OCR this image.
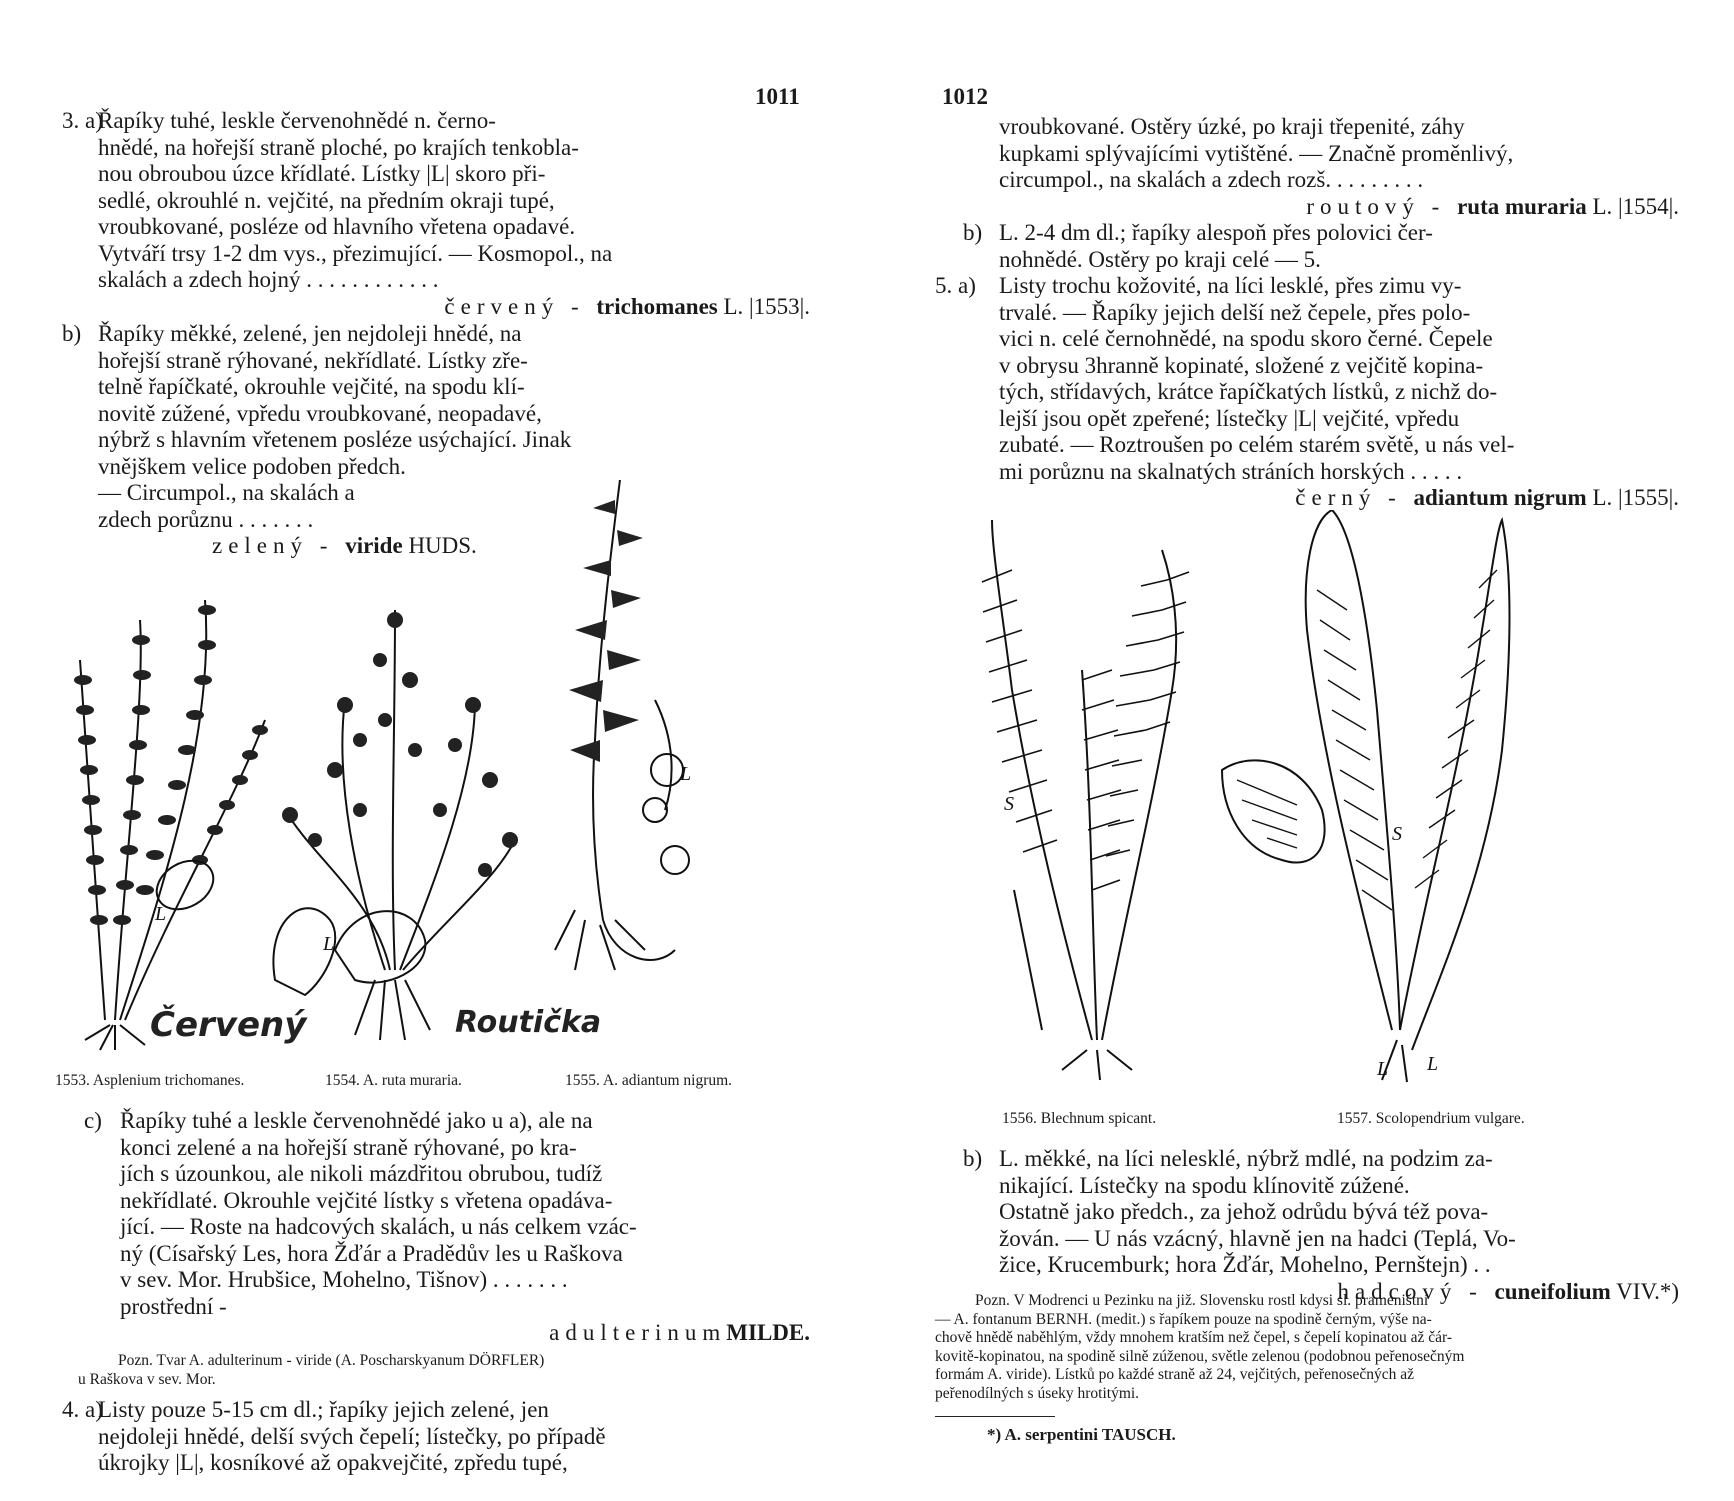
1011
3. a)Řapíky tuhé, leskle červenohnědé n. černo-
hnědé, na hořejší straně ploché, po krajích tenkobla-
nou obroubou úzce křídlaté. Lístky |L| skoro při-
sedlé, okrouhlé n. vejčité, na předním okraji tupé,
vroubkované, posléze od hlavního vřetena opadavé.
Vytváří trsy 1-2 dm vys., přezimující. — Kosmopol., na
skalách a zdech hojný . . . . . . . . . . . .
červený - trichomanes L. |1553|.
b) Řapíky měkké, zelené, jen nejdoleji hnědé, na
hořejší straně rýhované, nekřídlaté. Lístky zře-
telně řapíčkaté, okrouhle vejčité, na spodu klí-
novitě zúžené, vpředu vroubkované, neopadavé,
nýbrž s hlavním vřetenem posléze usýchající. Jinak
vnějškem velice podoben předch.
— Circumpol., na skalách a
zdech porůznu . . . . . . .
zelený - viride HUDS.
L
L
L
Červený	Routička
1553. Asplenium trichomanes.	1554. A. ruta muraria.	1555. A. adiantum nigrum.
c) Řapíky tuhé a leskle červenohnědé jako u a), ale na
konci zelené a na hořejší straně rýhované, po kra-
jích s úzounkou, ale nikoli mázdřitou obrubou, tudíž
nekřídlaté. Okrouhle vejčité lístky s vřetena opadáva-
jící. — Roste na hadcových skalách, u nás celkem vzác-
ný (Císařský Les, hora Žďár a Pradědův les u Raškova
v sev. Mor. Hrubšice, Mohelno, Tišnov) . . . . . . .
prostřední -
adulterinumMILDE.
Pozn. Tvar A. adulterinum - viride (A. Poscharskyanum DÖRFLER)
u Raškova v sev. Mor.
4. a)Listy pouze 5-15 cm dl.; řapíky jejich zelené, jen
nejdoleji hnědé, delší svých čepelí; lístečky, po případě
úkrojky |L|, kosníkové až opakvejčité, zpředu tupé,
1012
vroubkované. Ostěry úzké, po kraji třepenité, záhy
kupkami splývajícími vytištěné. — Značně proměnlivý,
circumpol., na skalách a zdech rozš. . . . . . . . .
routový - ruta muraria L. |1554|.
b) L. 2-4 dm dl.; řapíky alespoň přes polovici čer-
nohnědé. Ostěry po kraji celé — 5.
5. a) Listy trochu kožovité, na líci lesklé, přes zimu vy-
trvalé. — Řapíky jejich delší než čepele, přes polo-
vici n. celé černohnědé, na spodu skoro černé. Čepele
v obrysu 3hranně kopinaté, složené z vejčitě kopina-
tých, střídavých, krátce řapíčkatých lístků, z nichž do-
lejší jsou opět zpeřené; lístečky |L| vejčité, vpředu
zubaté. — Roztroušen po celém starém světě, u nás vel-
mi porůznu na skalnatých stráních horských . . . . .
černý - adiantum nigrum L. |1555|.
S
S
L L
1556. Blechnum spicant.	1557. Scolopendrium vulgare.
b) L. měkké, na líci nelesklé, nýbrž mdlé, na podzim za-
nikající. Lístečky na spodu klínovitě zúžené.
Ostatně jako předch., za jehož odrůdu bývá též pova-
žován. — U nás vzácný, hlavně jen na hadci (Teplá, Vo-
žice, Krucemburk; hora Žďár, Mohelno, Pernštejn) . .
hadcový - cuneifolium VIV.*)
Pozn. V Modrenci u Pezinku na již. Slovensku rostl kdysi sl. prameništní
— A. fontanum BERNH. (medit.) s řapíkem pouze na spodině černým, výše na-
chově hnědě naběhlým, vždy mnohem kratším než čepel, s čepelí kopinatou až čár-
kovitě-kopinatou, na spodině silně zúženou, světle zelenou (podobnou peřenosečným
formám A. viride). Lístků po každé straně až 24, vejčitých, peřenosečných až
peřenodílných s úseky hrotitými.
*) A. serpentini TAUSCH.
